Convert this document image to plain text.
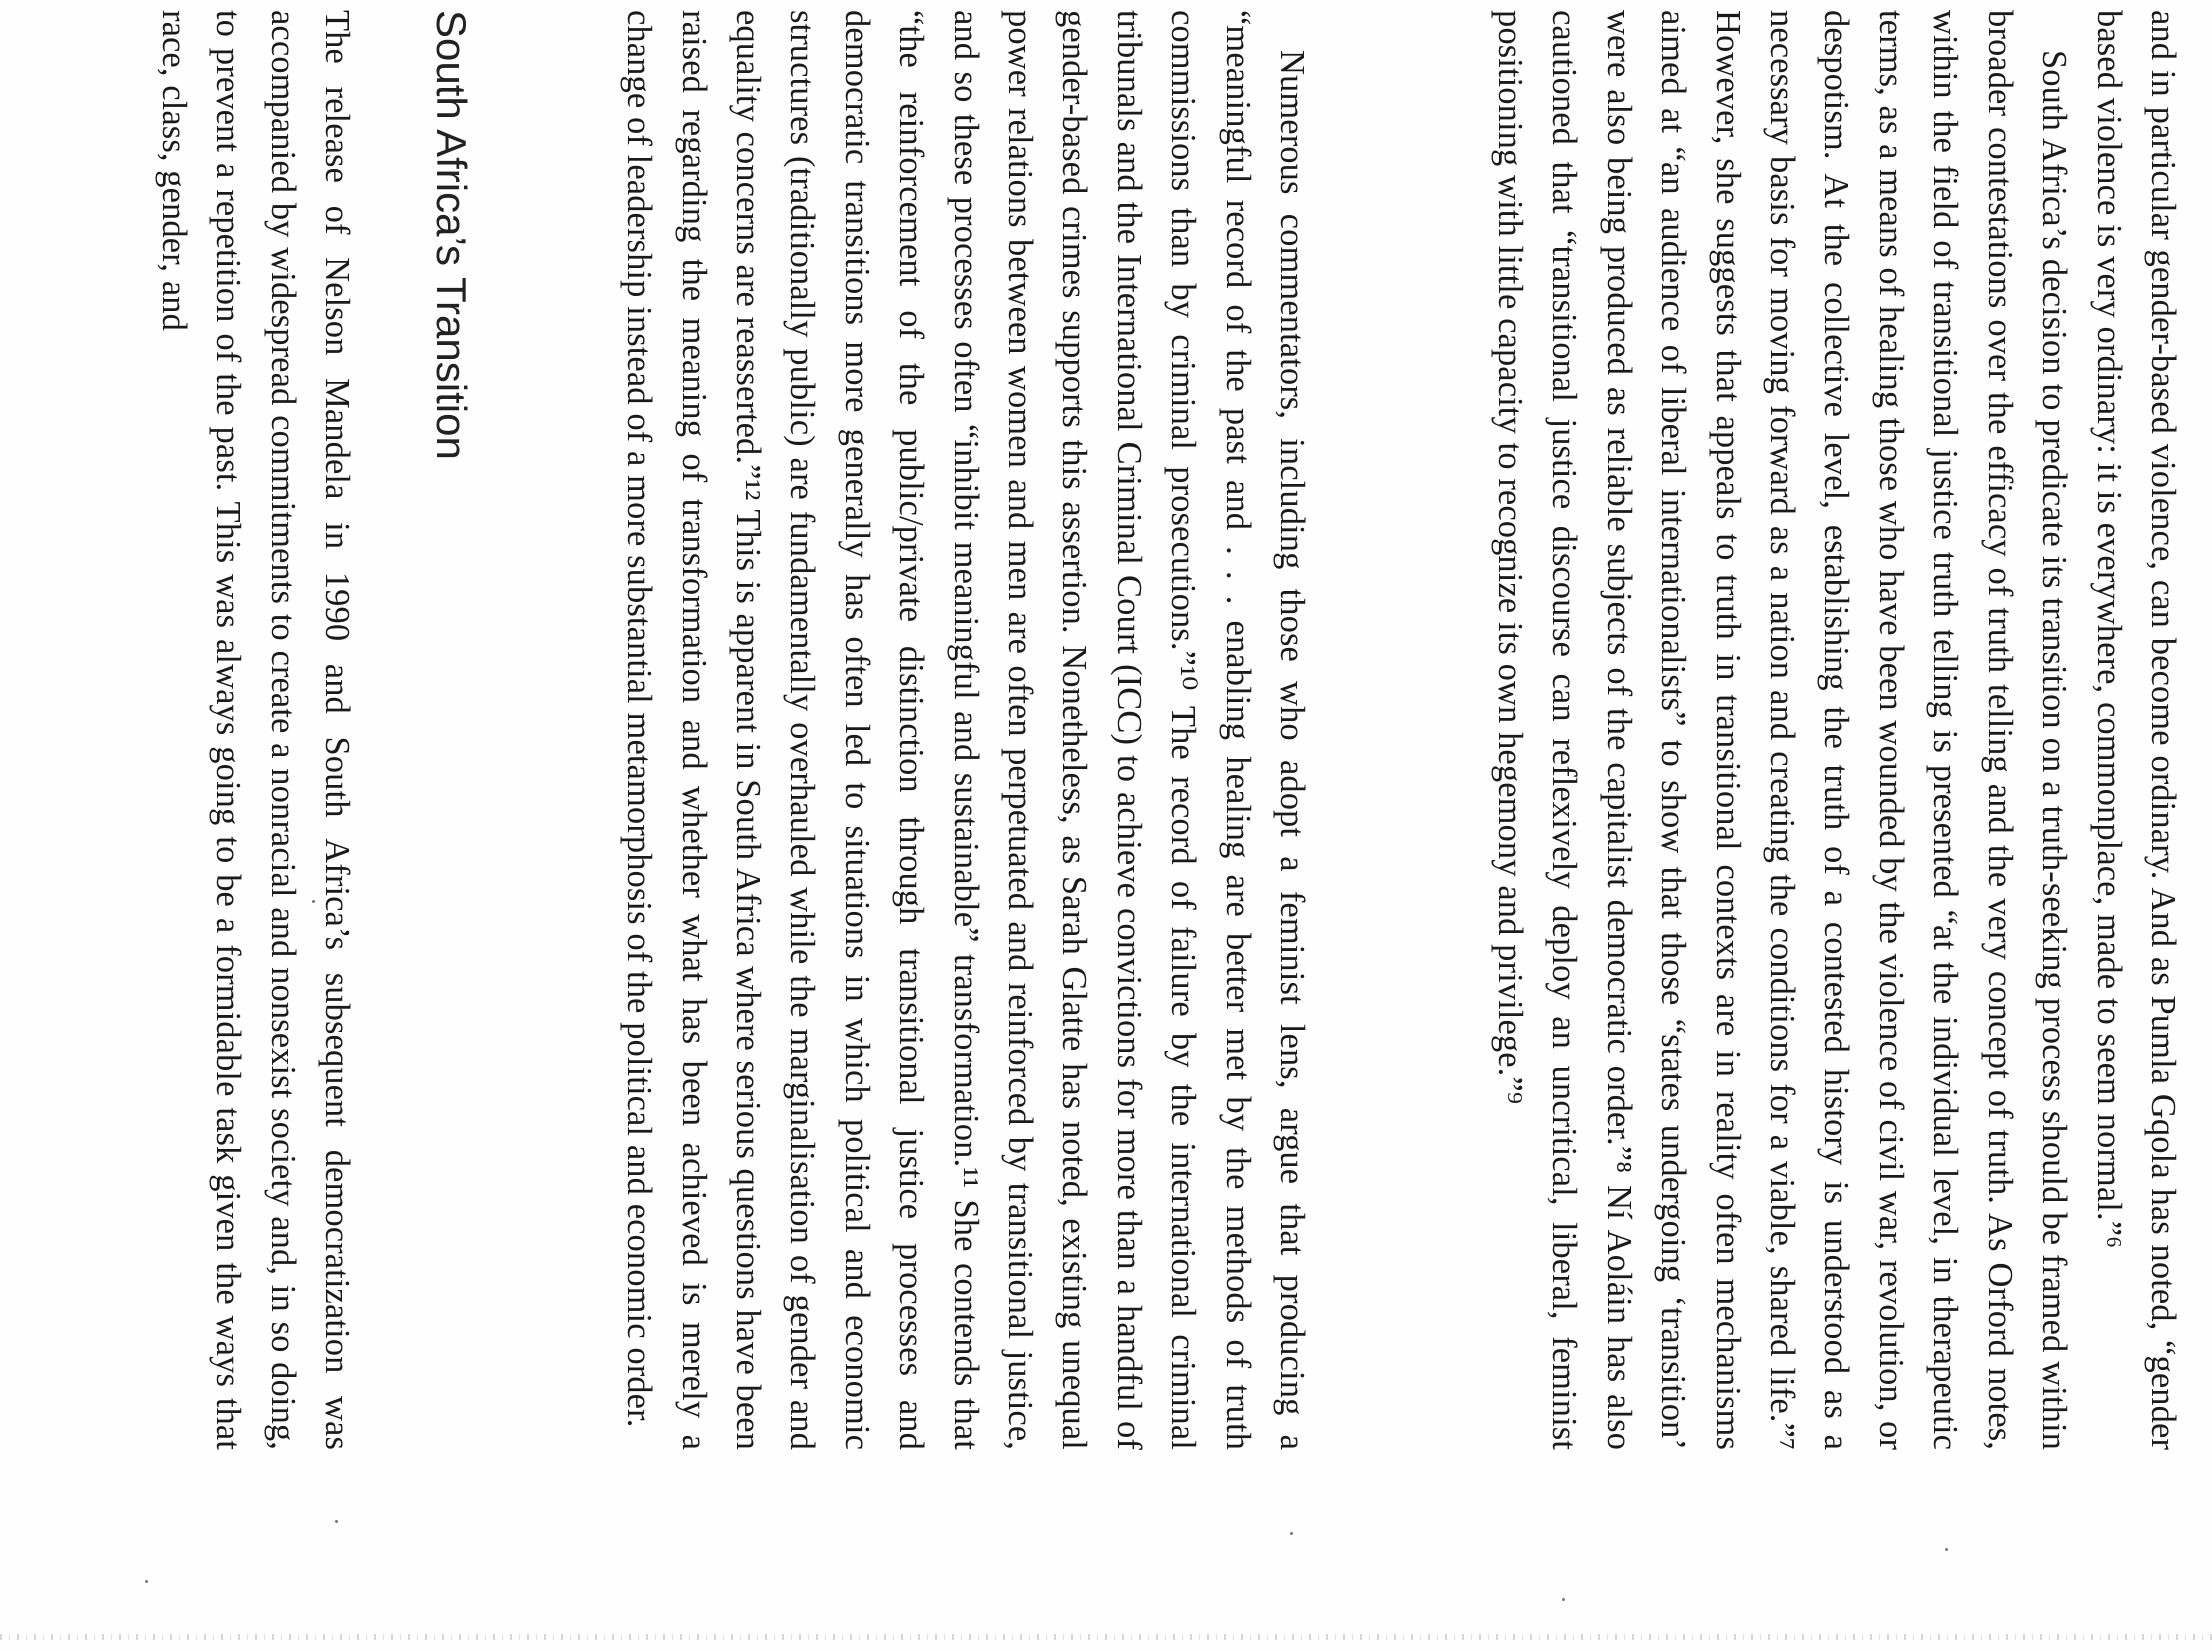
and in particular gender-based violence, can become ordinary. And as Pumla Gqola has noted, “gender based violence is very ordinary: it is everywhere, commonplace, made to seem normal.”⁶

South Africa’s decision to predicate its transition on a truth-seeking process should be framed within broader contestations over the efficacy of truth telling and the very concept of truth. As Orford notes, within the field of transitional justice truth telling is presented “at the individual level, in therapeutic terms, as a means of healing those who have been wounded by the violence of civil war, revolution, or despotism. At the collective level, establishing the truth of a contested history is understood as a necessary basis for moving forward as a nation and creating the conditions for a viable, shared life.”⁷ However, she suggests that appeals to truth in transitional contexts are in reality often mechanisms aimed at “an audience of liberal internationalists” to show that those “states undergoing ‘transition’ were also being produced as reliable subjects of the capitalist democratic order.”⁸ Ní Aoláin has also cautioned that “transitional justice discourse can reflexively deploy an uncritical, liberal, feminist positioning with little capacity to recognize its own hegemony and privilege.”⁹

Numerous commentators, including those who adopt a feminist lens, argue that producing a “meaningful record of the past and . . . enabling healing are better met by the methods of truth commissions than by criminal prosecutions.”¹⁰ The record of failure by the international criminal tribunals and the International Criminal Court (ICC) to achieve convictions for more than a handful of gender-based crimes supports this assertion. Nonetheless, as Sarah Glatte has noted, existing unequal power relations between women and men are often perpetuated and reinforced by transitional justice, and so these processes often “inhibit meaningful and sustainable” transformation.¹¹ She contends that “the reinforcement of the public/private distinction through transitional justice processes and democratic transitions more generally has often led to situations in which political and economic structures (traditionally public) are fundamentally overhauled while the marginalisation of gender and equality concerns are reasserted.”¹² This is apparent in South Africa where serious questions have been raised regarding the meaning of transformation and whether what has been achieved is merely a change of leadership instead of a more substantial metamorphosis of the political and economic order.

South Africa’s Transition

The release of Nelson Mandela in 1990 and South Africa’s subsequent democratization was accompanied by widespread commitments to create a nonracial and nonsexist society and, in so doing, to prevent a repetition of the past. This was always going to be a formidable task given the ways that race, class, gender, and
